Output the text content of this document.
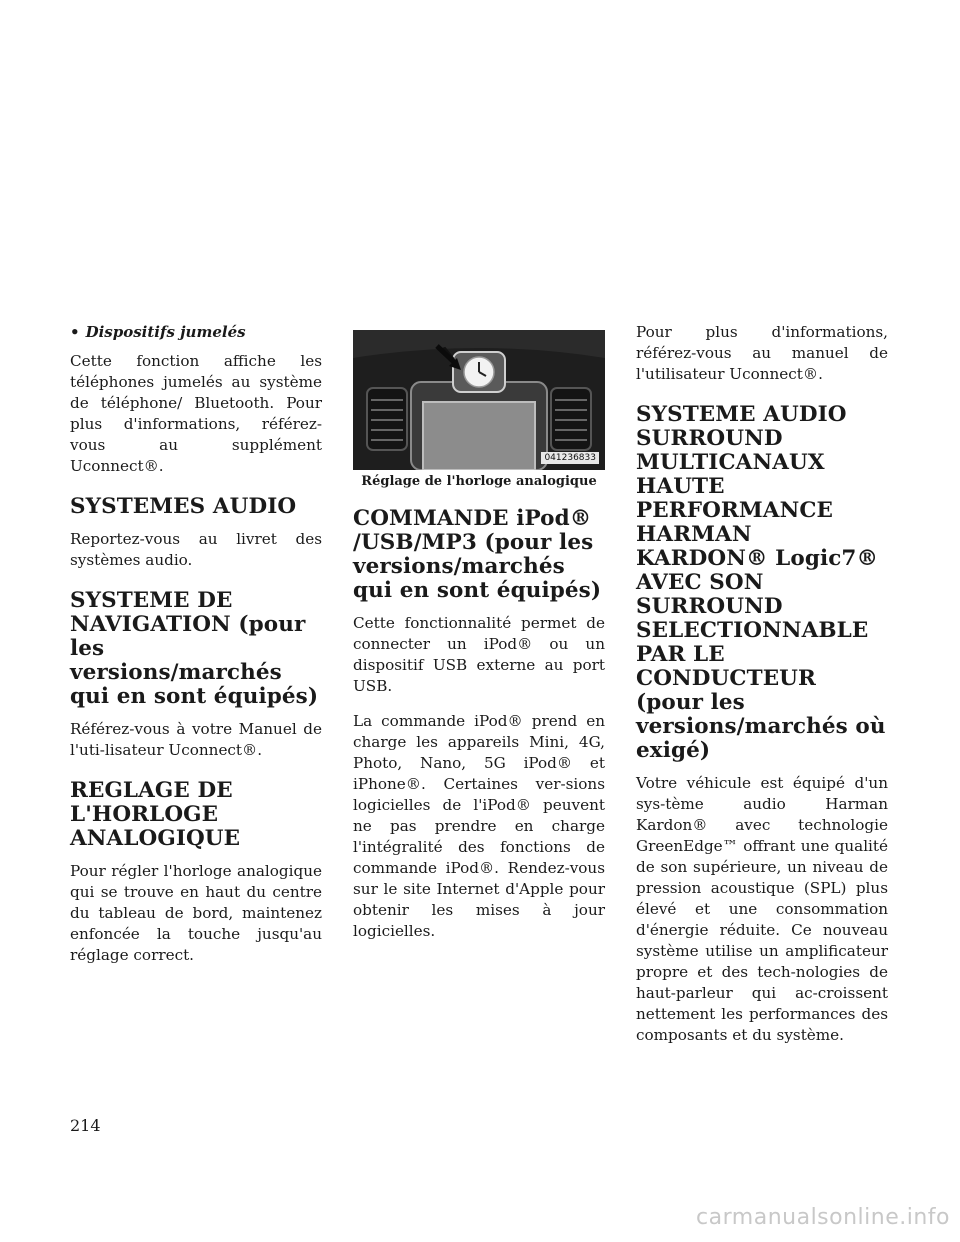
• Dispositifs jumelés

Cette fonction affiche les téléphones jumelés au système de téléphone/ Bluetooth. Pour plus d'informations, référez-vous au supplément Uconnect®.

SYSTEMES AUDIO

Reportez-vous au livret des systèmes audio.

SYSTEME DE NAVIGATION (pour les versions/marchés qui en sont équipés)

Référez-vous à votre Manuel de l'uti-lisateur Uconnect®.

REGLAGE DE L'HORLOGE ANALOGIQUE

Pour régler l'horloge analogique qui se trouve en haut du centre du tableau de bord, maintenez enfoncée la touche jusqu'au réglage correct.

041236833
Réglage de l'horloge analogique
COMMANDE iPod® /USB/MP3 (pour les versions/marchés qui en sont équipés)

Cette fonctionnalité permet de connecter un iPod® ou un dispositif USB externe au port USB.

La commande iPod® prend en charge les appareils Mini, 4G, Photo, Nano, 5G iPod® et iPhone®. Certaines ver-sions logicielles de l'iPod® peuvent ne pas prendre en charge l'intégralité des fonctions de commande iPod®. Rendez-vous sur le site Internet d'Apple pour obtenir les mises à jour logicielles.

Pour plus d'informations, référez-vous au manuel de l'utilisateur Uconnect®.

SYSTEME AUDIO SURROUND MULTICANAUX HAUTE PERFORMANCE HARMAN KARDON® Logic7® AVEC SON SURROUND SELECTIONNABLE PAR LE CONDUCTEUR (pour les versions/marchés où exigé)

Votre véhicule est équipé d'un sys-tème audio Harman Kardon® avec technologie GreenEdge™ offrant une qualité de son supérieure, un niveau de pression acoustique (SPL) plus élevé et une consommation d'énergie réduite. Ce nouveau système utilise un amplificateur propre et des tech-nologies de haut-parleur qui ac-croissent nettement les performances des composants et du système.

214
carmanualsonline.info
